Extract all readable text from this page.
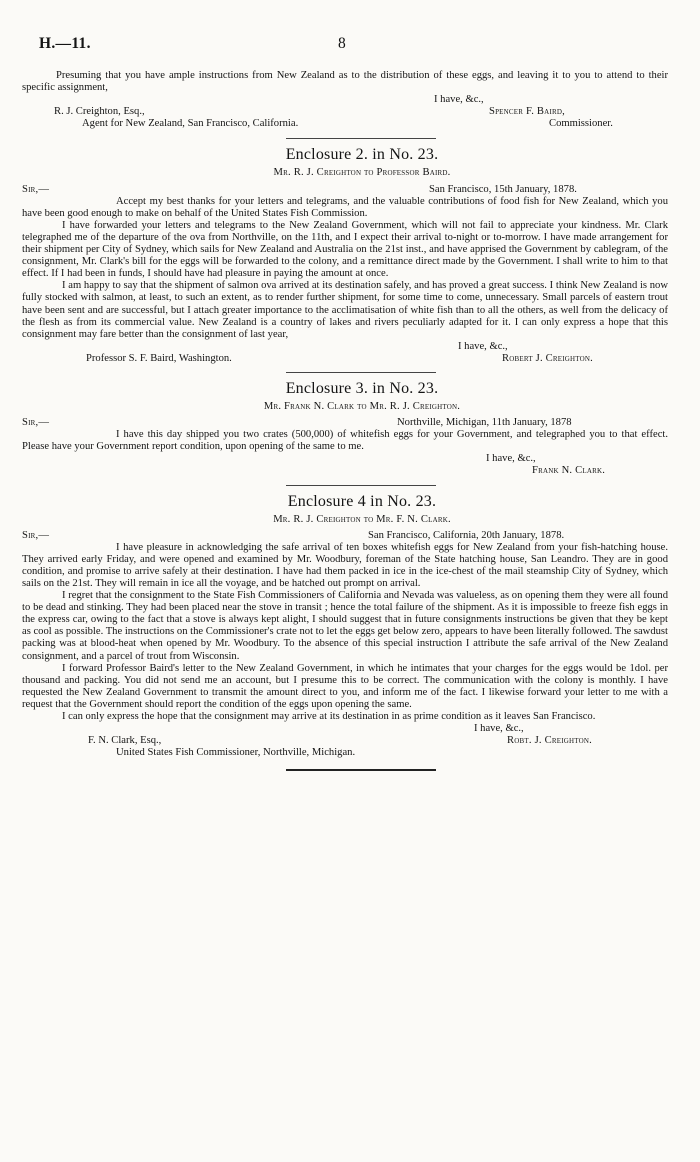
H.—11.	8

Presuming that you have ample instructions from New Zealand as to the distribution of these eggs, and leaving it to you to attend to their specific assignment,

I have, &c.,
R. J. Creighton, Esq.,	Spencer F. Baird,
Agent for New Zealand, San Francisco, California.	Commissioner.
Enclosure 2. in No. 23.
Mr. R. J. Creighton to Professor Baird.
Sir,—	San Francisco, 15th January, 1878.

Accept my best thanks for your letters and telegrams, and the valuable contributions of food fish for New Zealand, which you have been good enough to make on behalf of the United States Fish Commission.

I have forwarded your letters and telegrams to the New Zealand Government, which will not fail to appreciate your kindness. Mr. Clark telegraphed me of the departure of the ova from Northville, on the 11th, and I expect their arrival to-night or to-morrow. I have made arrangement for their shipment per City of Sydney, which sails for New Zealand and Australia on the 21st inst., and have apprised the Government by cablegram, of the consignment, Mr. Clark's bill for the eggs will be forwarded to the colony, and a remittance direct made by the Government. I shall write to him to that effect. If I had been in funds, I should have had pleasure in paying the amount at once.

I am happy to say that the shipment of salmon ova arrived at its destination safely, and has proved a great success. I think New Zealand is now fully stocked with salmon, at least, to such an extent, as to render further shipment, for some time to come, unnecessary. Small parcels of eastern trout have been sent and are successful, but I attach greater importance to the acclimatisation of white fish than to all the others, as well from the delicacy of the flesh as from its commercial value. New Zealand is a country of lakes and rivers peculiarly adapted for it. I can only express a hope that this consignment may fare better than the consignment of last year,

I have, &c.,
Professor S. F. Baird, Washington.	Robert J. Creighton.
Enclosure 3. in No. 23.
Mr. Frank N. Clark to Mr. R. J. Creighton.
Sir,—	Northville, Michigan, 11th January, 1878

I have this day shipped you two crates (500,000) of whitefish eggs for your Government, and telegraphed you to that effect. Please have your Government report condition, upon opening of the same to me.

I have, &c.,
Frank N. Clark.
Enclosure 4 in No. 23.
Mr. R. J. Creighton to Mr. F. N. Clark.
Sir,—	San Francisco, California, 20th January, 1878.

I have pleasure in acknowledging the safe arrival of ten boxes whitefish eggs for New Zealand from your fish-hatching house. They arrived early Friday, and were opened and examined by Mr. Woodbury, foreman of the State hatching house, San Leandro. They are in good condition, and promise to arrive safely at their destination. I have had them packed in ice in the ice-chest of the mail steamship City of Sydney, which sails on the 21st. They will remain in ice all the voyage, and be hatched out prompt on arrival.

I regret that the consignment to the State Fish Commissioners of California and Nevada was valueless, as on opening them they were all found to be dead and stinking. They had been placed near the stove in transit ; hence the total failure of the shipment. As it is impossible to freeze fish eggs in the express car, owing to the fact that a stove is always kept alight, I should suggest that in future consignments instructions be given that they be kept as cool as possible. The instructions on the Commissioner's crate not to let the eggs get below zero, appears to have been literally followed. The sawdust packing was at blood-heat when opened by Mr. Woodbury. To the absence of this special instruction I attribute the safe arrival of the New Zealand consignment, and a parcel of trout from Wisconsin.

I forward Professor Baird's letter to the New Zealand Government, in which he intimates that your charges for the eggs would be 1dol. per thousand and packing. You did not send me an account, but I presume this to be correct. The communication with the colony is monthly. I have requested the New Zealand Government to transmit the amount direct to you, and inform me of the fact. I likewise forward your letter to me with a request that the Government should report the condition of the eggs upon opening the same.

I can only express the hope that the consignment may arrive at its destination in as prime condition as it leaves San Francisco.

I have, &c.,
F. N. Clark, Esq.,	Robt. J. Creighton.
United States Fish Commissioner, Northville, Michigan.
